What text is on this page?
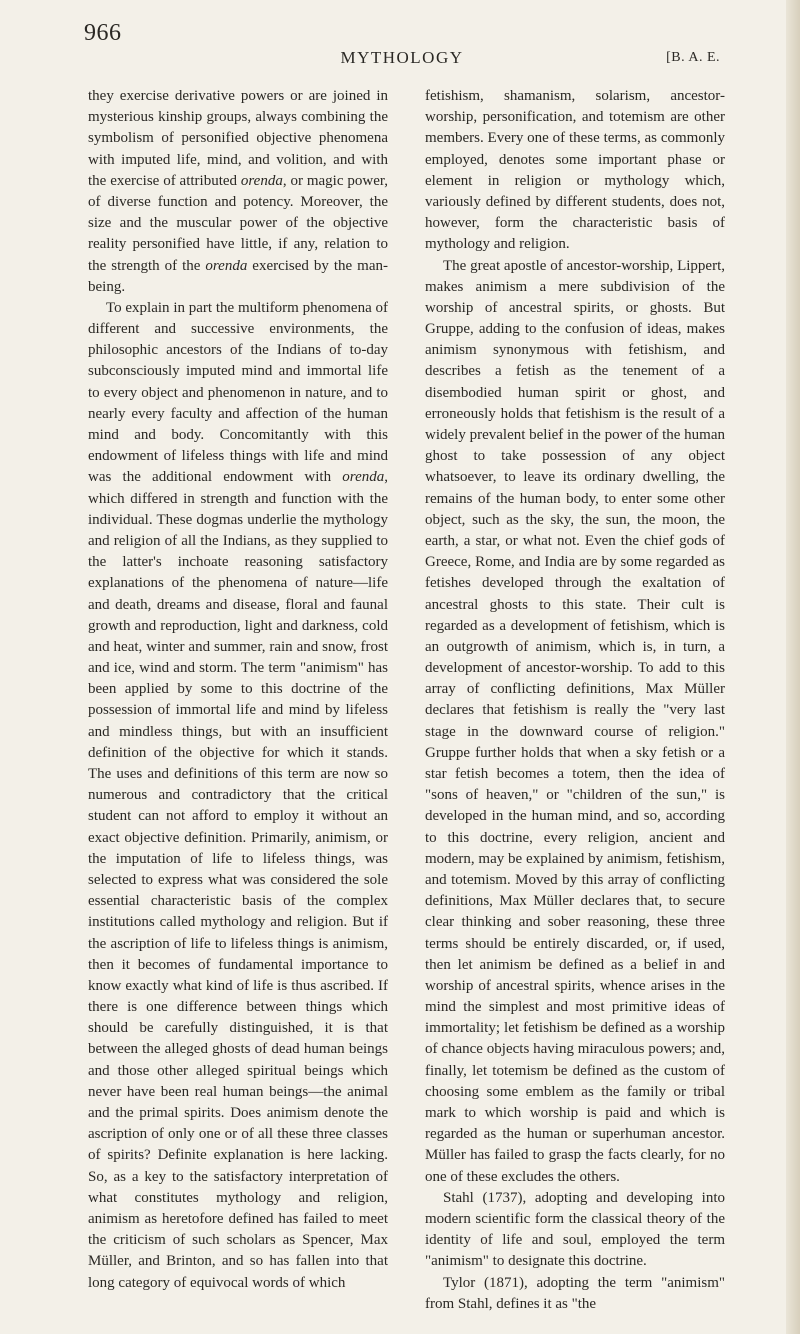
966
MYTHOLOGY	[B. A. E.

they exercise derivative powers or are joined in mysterious kinship groups, always combining the symbolism of personified objective phenomena with imputed life, mind, and volition, and with the exercise of attributed orenda, or magic power, of diverse function and potency. Moreover, the size and the muscular power of the objective reality personified have little, if any, relation to the strength of the orenda exercised by the man-being.

To explain in part the multiform phenomena of different and successive environments, the philosophic ancestors of the Indians of to-day subconsciously imputed mind and immortal life to every object and phenomenon in nature, and to nearly every faculty and affection of the human mind and body. Concomitantly with this endowment of lifeless things with life and mind was the additional endowment with orenda, which differed in strength and function with the individual. These dogmas underlie the mythology and religion of all the Indians, as they supplied to the latter's inchoate reasoning satisfactory explanations of the phenomena of nature—life and death, dreams and disease, floral and faunal growth and reproduction, light and darkness, cold and heat, winter and summer, rain and snow, frost and ice, wind and storm. The term "animism" has been applied by some to this doctrine of the possession of immortal life and mind by lifeless and mindless things, but with an insufficient definition of the objective for which it stands. The uses and definitions of this term are now so numerous and contradictory that the critical student can not afford to employ it without an exact objective definition. Primarily, animism, or the imputation of life to lifeless things, was selected to express what was considered the sole essential characteristic basis of the complex institutions called mythology and religion. But if the ascription of life to lifeless things is animism, then it becomes of fundamental importance to know exactly what kind of life is thus ascribed. If there is one difference between things which should be carefully distinguished, it is that between the alleged ghosts of dead human beings and those other alleged spiritual beings which never have been real human beings—the animal and the primal spirits. Does animism denote the ascription of only one or of all these three classes of spirits? Definite explanation is here lacking. So, as a key to the satisfactory interpretation of what constitutes mythology and religion, animism as heretofore defined has failed to meet the criticism of such scholars as Spencer, Max Müller, and Brinton, and so has fallen into that long category of equivocal words of which

fetishism, shamanism, solarism, ancestor-worship, personification, and totemism are other members. Every one of these terms, as commonly employed, denotes some important phase or element in religion or mythology which, variously defined by different students, does not, however, form the characteristic basis of mythology and religion.

The great apostle of ancestor-worship, Lippert, makes animism a mere subdivision of the worship of ancestral spirits, or ghosts. But Gruppe, adding to the confusion of ideas, makes animism synonymous with fetishism, and describes a fetish as the tenement of a disembodied human spirit or ghost, and erroneously holds that fetishism is the result of a widely prevalent belief in the power of the human ghost to take possession of any object whatsoever, to leave its ordinary dwelling, the remains of the human body, to enter some other object, such as the sky, the sun, the moon, the earth, a star, or what not. Even the chief gods of Greece, Rome, and India are by some regarded as fetishes developed through the exaltation of ancestral ghosts to this state. Their cult is regarded as a development of fetishism, which is an outgrowth of animism, which is, in turn, a development of ancestor-worship. To add to this array of conflicting definitions, Max Müller declares that fetishism is really the "very last stage in the downward course of religion." Gruppe further holds that when a sky fetish or a star fetish becomes a totem, then the idea of "sons of heaven," or "children of the sun," is developed in the human mind, and so, according to this doctrine, every religion, ancient and modern, may be explained by animism, fetishism, and totemism. Moved by this array of conflicting definitions, Max Müller declares that, to secure clear thinking and sober reasoning, these three terms should be entirely discarded, or, if used, then let animism be defined as a belief in and worship of ancestral spirits, whence arises in the mind the simplest and most primitive ideas of immortality; let fetishism be defined as a worship of chance objects having miraculous powers; and, finally, let totemism be defined as the custom of choosing some emblem as the family or tribal mark to which worship is paid and which is regarded as the human or superhuman ancestor. Müller has failed to grasp the facts clearly, for no one of these excludes the others.

Stahl (1737), adopting and developing into modern scientific form the classical theory of the identity of life and soul, employed the term "animism" to designate this doctrine.

Tylor (1871), adopting the term "animism" from Stahl, defines it as "the
